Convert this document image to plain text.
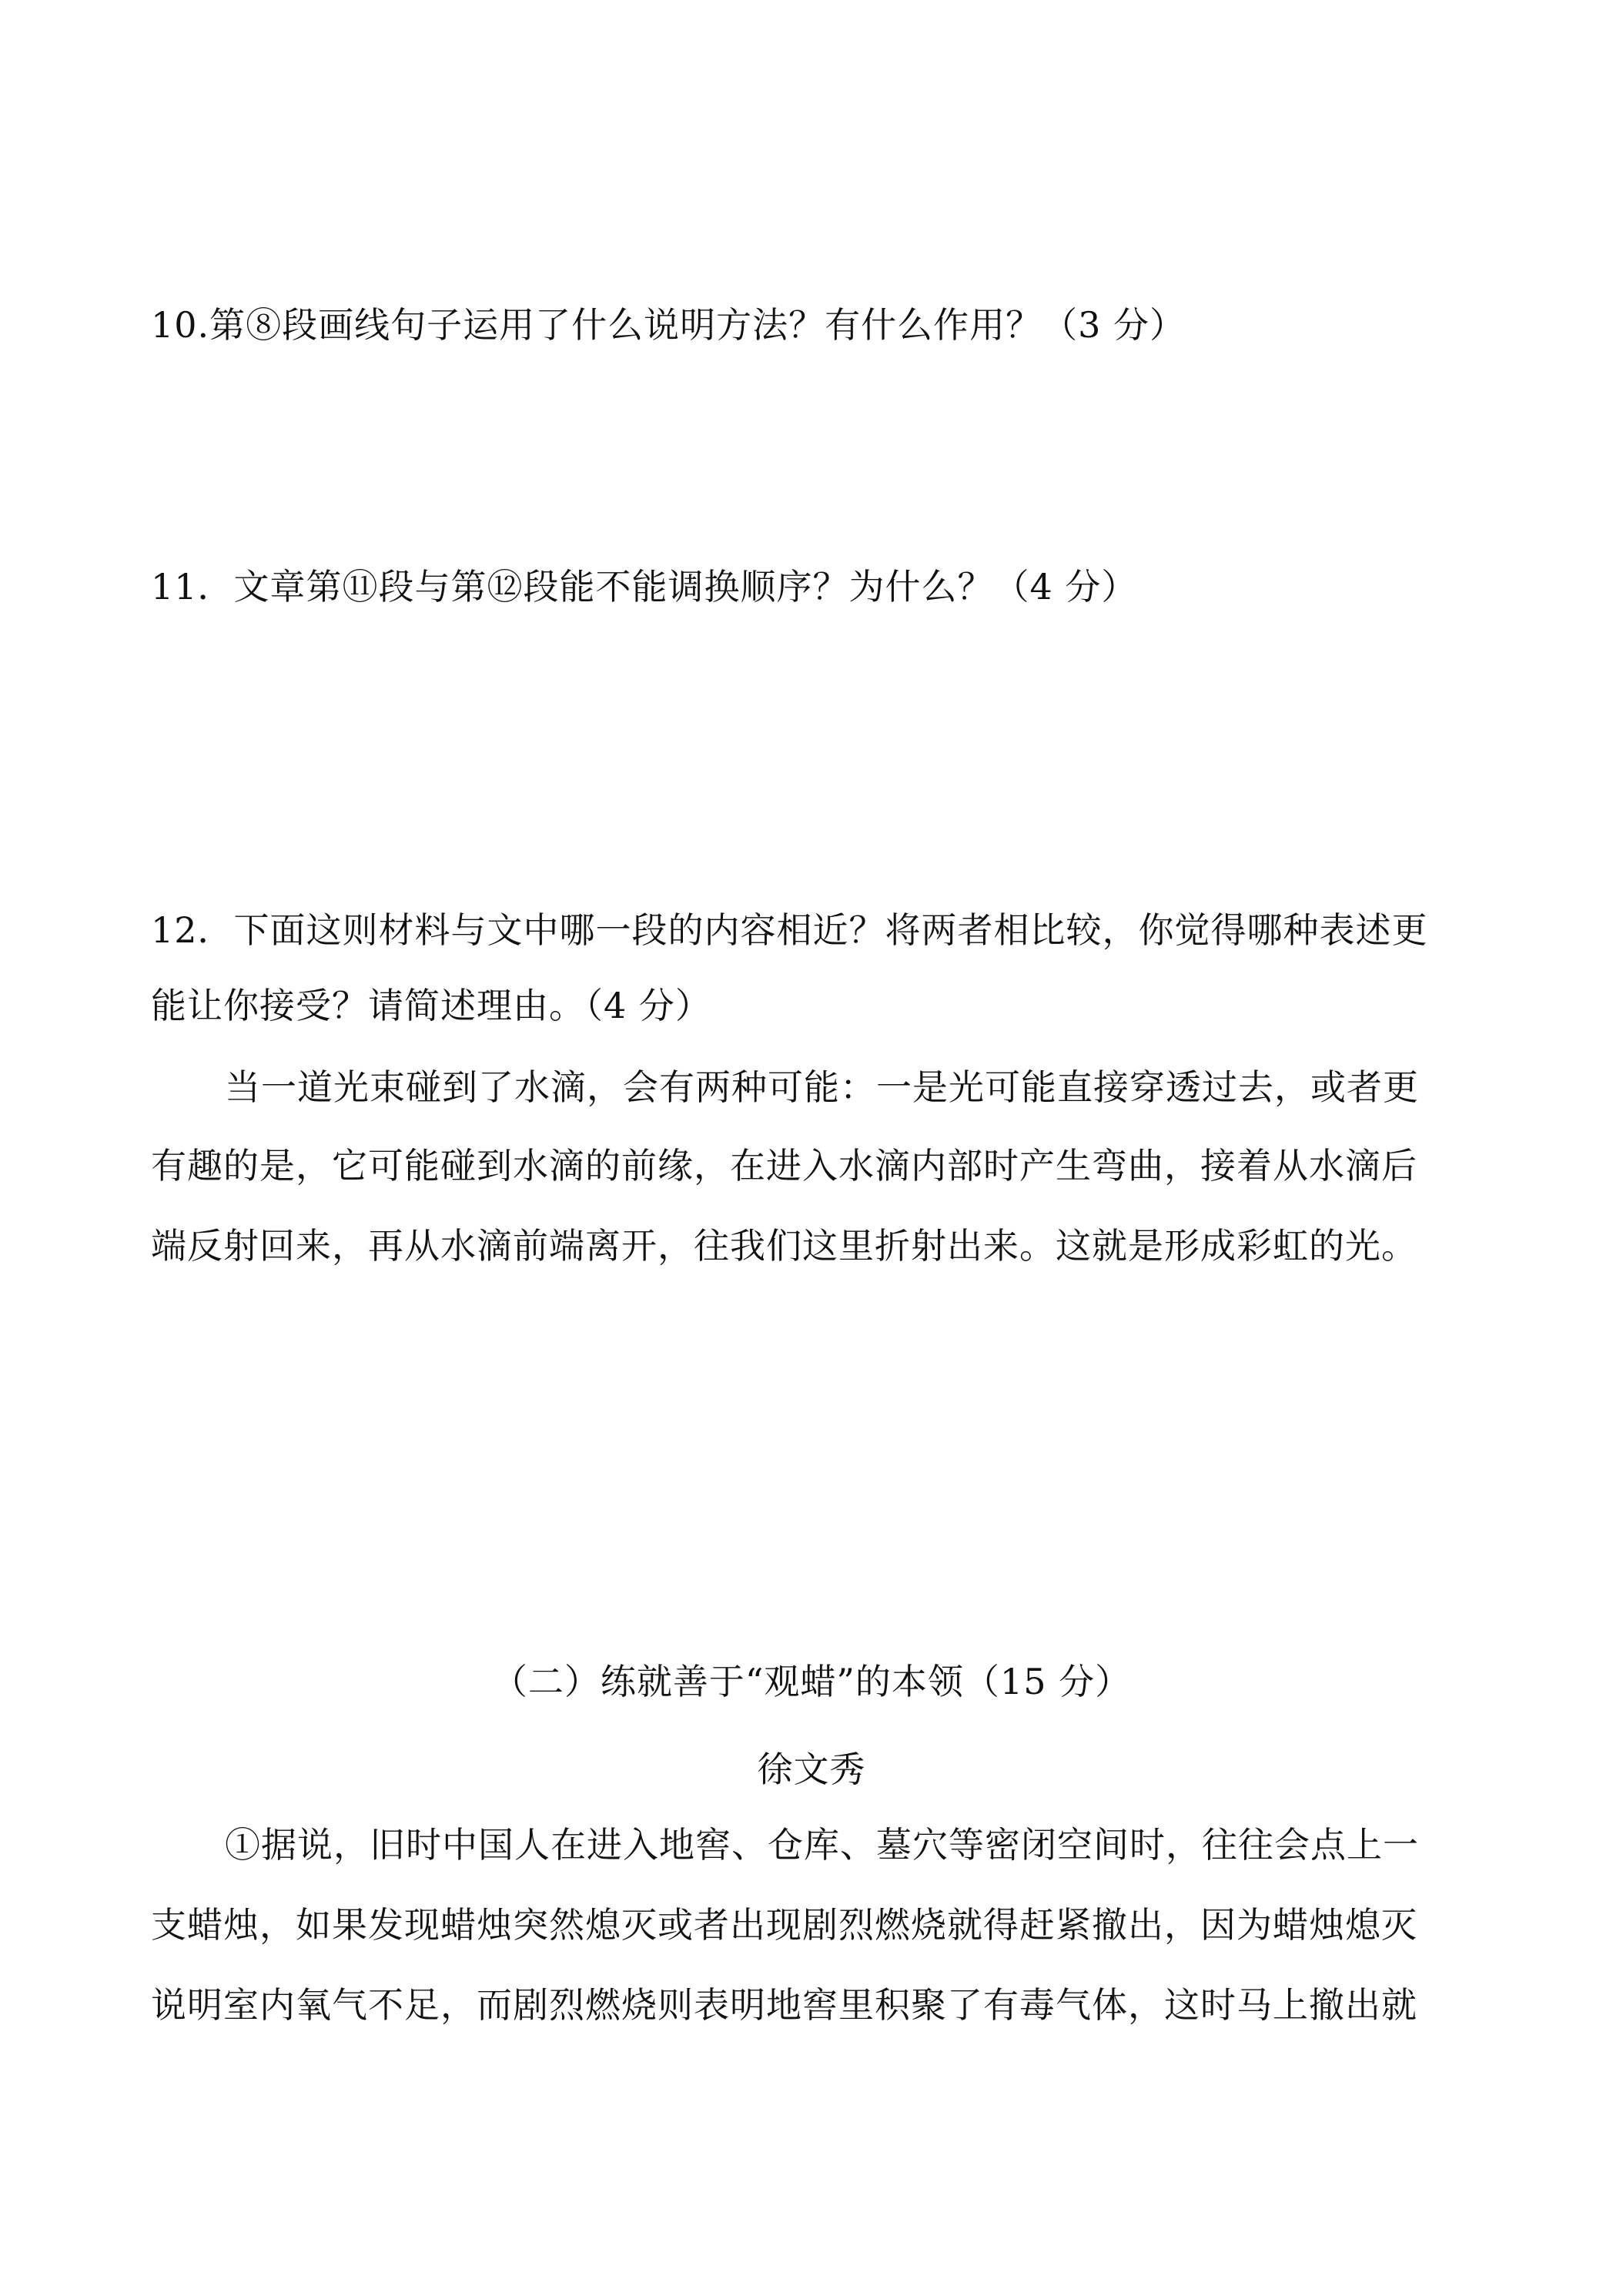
10.第⑧段画线句子运用了什么说明方法？有什么作用？（3 分）
11．文章第⑪段与第⑫段能不能调换顺序？为什么？（4 分）
12．下面这则材料与文中哪一段的内容相近？将两者相比较，你觉得哪种表述更
能让你接受？请简述理由。（4 分）
当一道光束碰到了水滴，会有两种可能：一是光可能直接穿透过去，或者更
有趣的是，它可能碰到水滴的前缘，在进入水滴内部时产生弯曲，接着从水滴后
端反射回来，再从水滴前端离开，往我们这里折射出来。这就是形成彩虹的光。
（二）练就善于“观蜡”的本领（15 分）
徐文秀
①据说，旧时中国人在进入地窖、仓库、墓穴等密闭空间时，往往会点上一
支蜡烛，如果发现蜡烛突然熄灭或者出现剧烈燃烧就得赶紧撤出，因为蜡烛熄灭
说明室内氧气不足，而剧烈燃烧则表明地窖里积聚了有毒气体，这时马上撤出就
